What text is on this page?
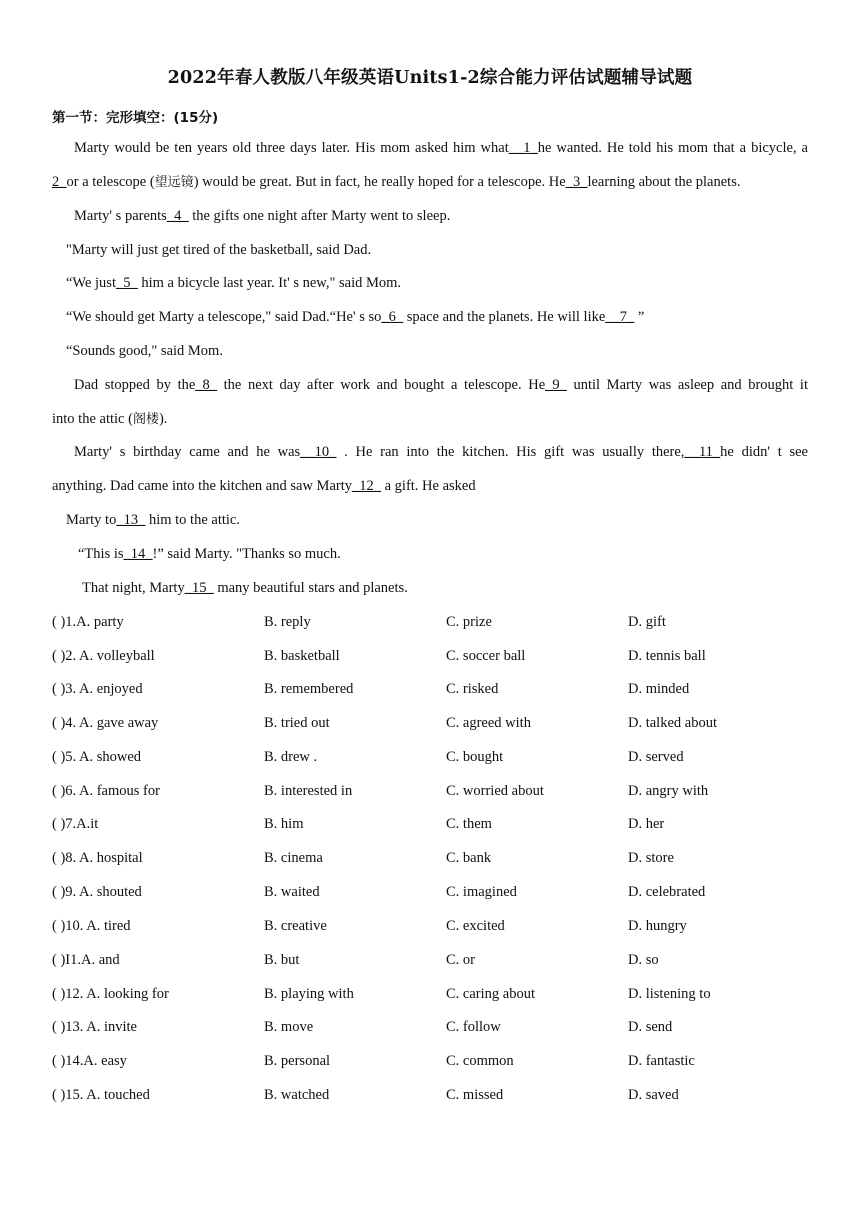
2022年春人教版八年级英语Units1-2综合能力评估试题辅导试题
第一节：完形填空：(15分)
Marty would be ten years old three days later. His mom asked him what__1_he wanted. He told his mom that a bicycle, a
2_or a telescope (望远镜) would be great. But in fact, he really hoped for a telescope. He_3_learning about the planets.
Marty' s parents_4_ the gifts one night after Marty went to sleep.
"Marty will just get tired of the basketball, said Dad.
“We just_5_ him a bicycle last year. It' s new," said Mom.
“We should get Marty a telescope," said Dad.“He' s so_6_ space and the planets. He will like__7_ ”
“Sounds good," said Mom.
Dad stopped by the_8_ the next day after work and bought a telescope. He_9_ until Marty was asleep and brought it
into the attic (阁楼).
Marty' s birthday came and he was__10_ . He ran into the kitchen. His gift was usually there,__11_he didn' t see
anything. Dad came into the kitchen and saw Marty_12_ a gift. He asked
Marty to_13_ him to the attic.
“This is_14_!” said Marty. "Thanks so much.
That night, Marty_15_ many beautiful stars and planets.
( )1.A. party	B. reply	C. prize	D. gift
( )2. A. volleyball	B. basketball	C. soccer ball	D. tennis ball
( )3. A. enjoyed	B. remembered	C. risked	D. minded
( )4. A. gave away	B. tried out	C. agreed with	D. talked about
( )5. A. showed	B. drew .	C. bought	D. served
( )6. A. famous for	B. interested in	C. worried about	D. angry with
( )7.A.it	B. him	C. them	D. her
( )8. A. hospital	B. cinema	C. bank	D. store
( )9. A. shouted	B. waited	C. imagined	D. celebrated
( )10. A. tired	B. creative	C. excited	D. hungry
( )I1.A. and	B. but	C. or	D. so
( )12. A. looking for	B. playing with	C. caring about	D. listening to
( )13. A. invite	B. move	C. follow	D. send
( )14.A. easy	B. personal	C. common	D. fantastic
( )15. A. touched	B. watched	C. missed	D. saved
